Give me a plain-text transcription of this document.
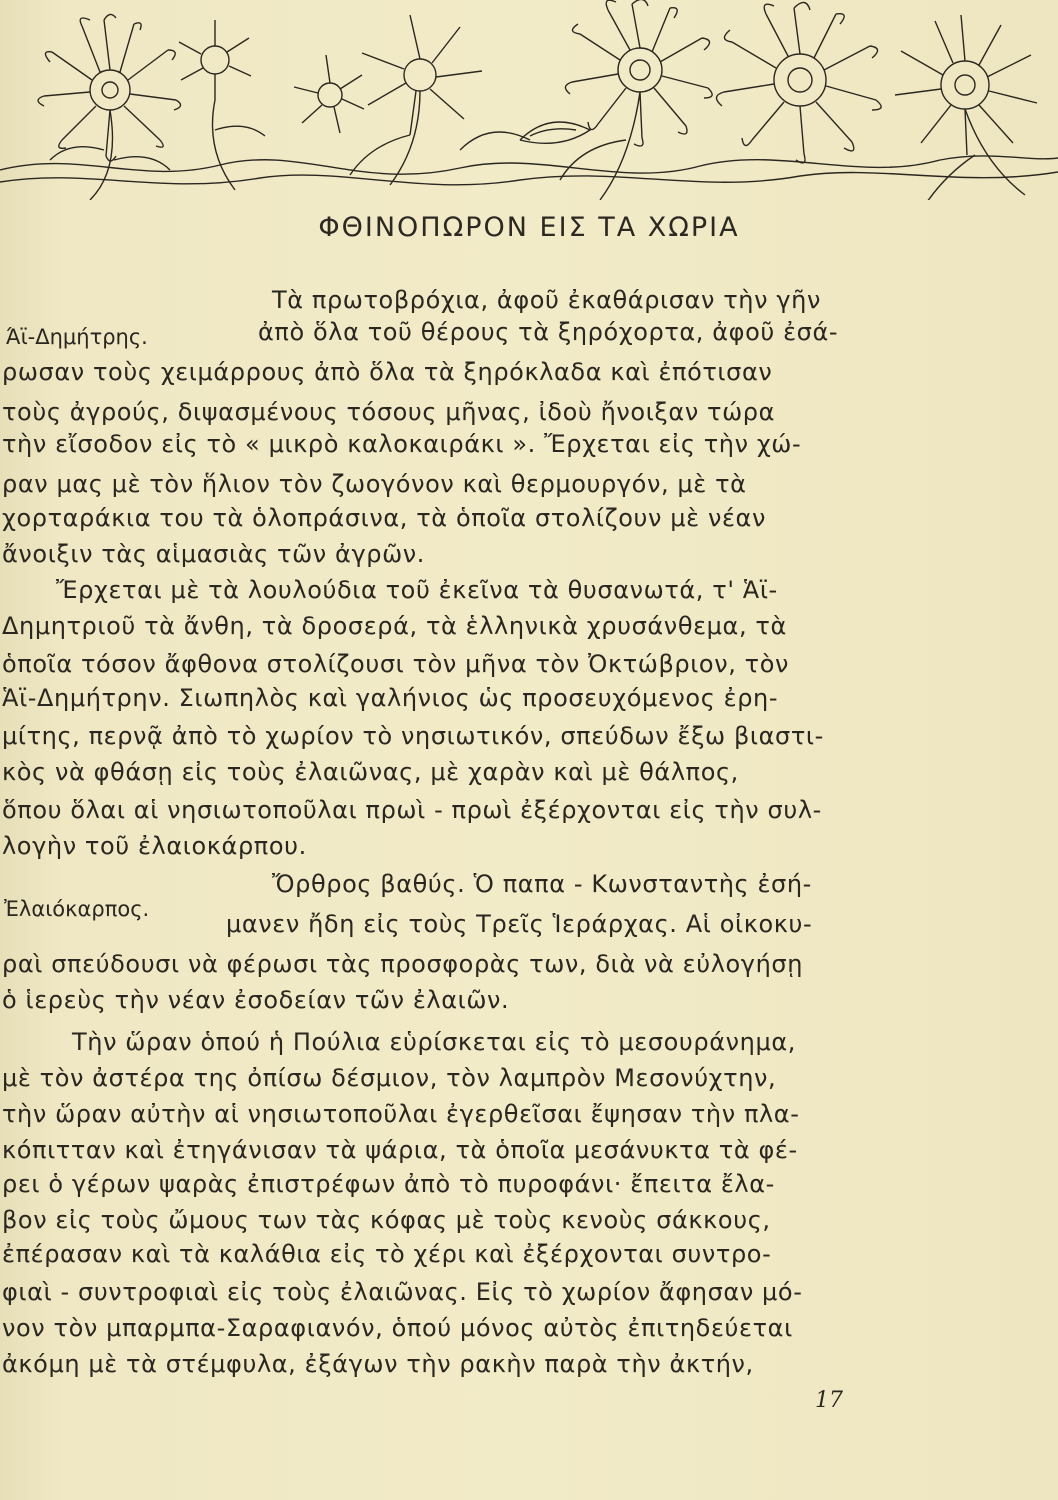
ΦΘΙΝΟΠΩΡΟΝ ΕΙΣ ΤΑ ΧΩΡΙΑ
Άϊ-Δημήτρης.
Ἐλαιόκαρπος.
Τὰ πρωτοβρόχια, ἀφοῦ ἐκαθάρισαν τὴν γῆν
ἀπὸ ὅλα τοῦ θέρους τὰ ξηρόχορτα, ἀφοῦ ἐσά-
ρωσαν τοὺς χειμάρρους ἀπὸ ὅλα τὰ ξηρόκλαδα καὶ ἐπότισαν
τοὺς ἀγρούς, διψασμένους τόσους μῆνας, ἰδοὺ ἤνοιξαν τώρα
τὴν εἴσοδον εἰς τὸ « μικρὸ καλοκαιράκι ». Ἔρχεται εἰς τὴν χώ-
ραν μας μὲ τὸν ἥλιον τὸν ζωογόνον καὶ θερμουργόν, μὲ τὰ
χορταράκια του τὰ ὁλοπράσινα, τὰ ὁποῖα στολίζουν μὲ νέαν
ἄνοιξιν τὰς αἱμασιὰς τῶν ἀγρῶν.
Ἔρχεται μὲ τὰ λουλούδια τοῦ ἐκεῖνα τὰ θυσανωτά, τ' Ἁϊ-
Δημητριοῦ τὰ ἄνθη, τὰ δροσερά, τὰ ἑλληνικὰ χρυσάνθεμα, τὰ
ὁποῖα τόσον ἄφθονα στολίζουσι τὸν μῆνα τὸν Ὀκτώβριον, τὸν
Ἁϊ-Δημήτρην. Σιωπηλὸς καὶ γαλήνιος ὡς προσευχόμενος ἐρη-
μίτης, περνᾷ ἀπὸ τὸ χωρίον τὸ νησιωτικόν, σπεύδων ἔξω βιαστι-
κὸς νὰ φθάσῃ εἰς τοὺς ἐλαιῶνας, μὲ χαρὰν καὶ μὲ θάλπος,
ὅπου ὅλαι αἱ νησιωτοποῦλαι πρωὶ - πρωὶ ἐξέρχονται εἰς τὴν συλ-
λογὴν τοῦ ἐλαιοκάρπου.
Ὄρθρος βαθύς. Ὁ παπα - Κωνσταντὴς ἐσή-
μανεν ἤδη εἰς τοὺς Τρεῖς Ἱεράρχας. Αἱ οἰκοκυ-
ραὶ σπεύδουσι νὰ φέρωσι τὰς προσφορὰς των, διὰ νὰ εὐλογήσῃ
ὁ ἱερεὺς τὴν νέαν ἐσοδείαν τῶν ἐλαιῶν.
Τὴν ὥραν ὁπού ἡ Πούλια εὑρίσκεται εἰς τὸ μεσουράνημα,
μὲ τὸν ἀστέρα της ὀπίσω δέσμιον, τὸν λαμπρὸν Μεσονύχτην,
τὴν ὥραν αὐτὴν αἱ νησιωτοποῦλαι ἐγερθεῖσαι ἔψησαν τὴν πλα-
κόπιτταν καὶ ἐτηγάνισαν τὰ ψάρια, τὰ ὁποῖα μεσάνυκτα τὰ φέ-
ρει ὁ γέρων ψαρὰς ἐπιστρέφων ἀπὸ τὸ πυροφάνι· ἔπειτα ἔλα-
βον εἰς τοὺς ὤμους των τὰς κόφας μὲ τοὺς κενοὺς σάκκους,
ἐπέρασαν καὶ τὰ καλάθια εἰς τὸ χέρι καὶ ἐξέρχονται συντρο-
φιαὶ - συντροφιαὶ εἰς τοὺς ἐλαιῶνας. Εἰς τὸ χωρίον ἄφησαν μό-
νον τὸν μπαρμπα-Σαραφιανόν, ὁπού μόνος αὐτὸς ἐπιτηδεύεται
ἀκόμη μὲ τὰ στέμφυλα, ἐξάγων τὴν ρακὴν παρὰ τὴν ἀκτήν,
17
